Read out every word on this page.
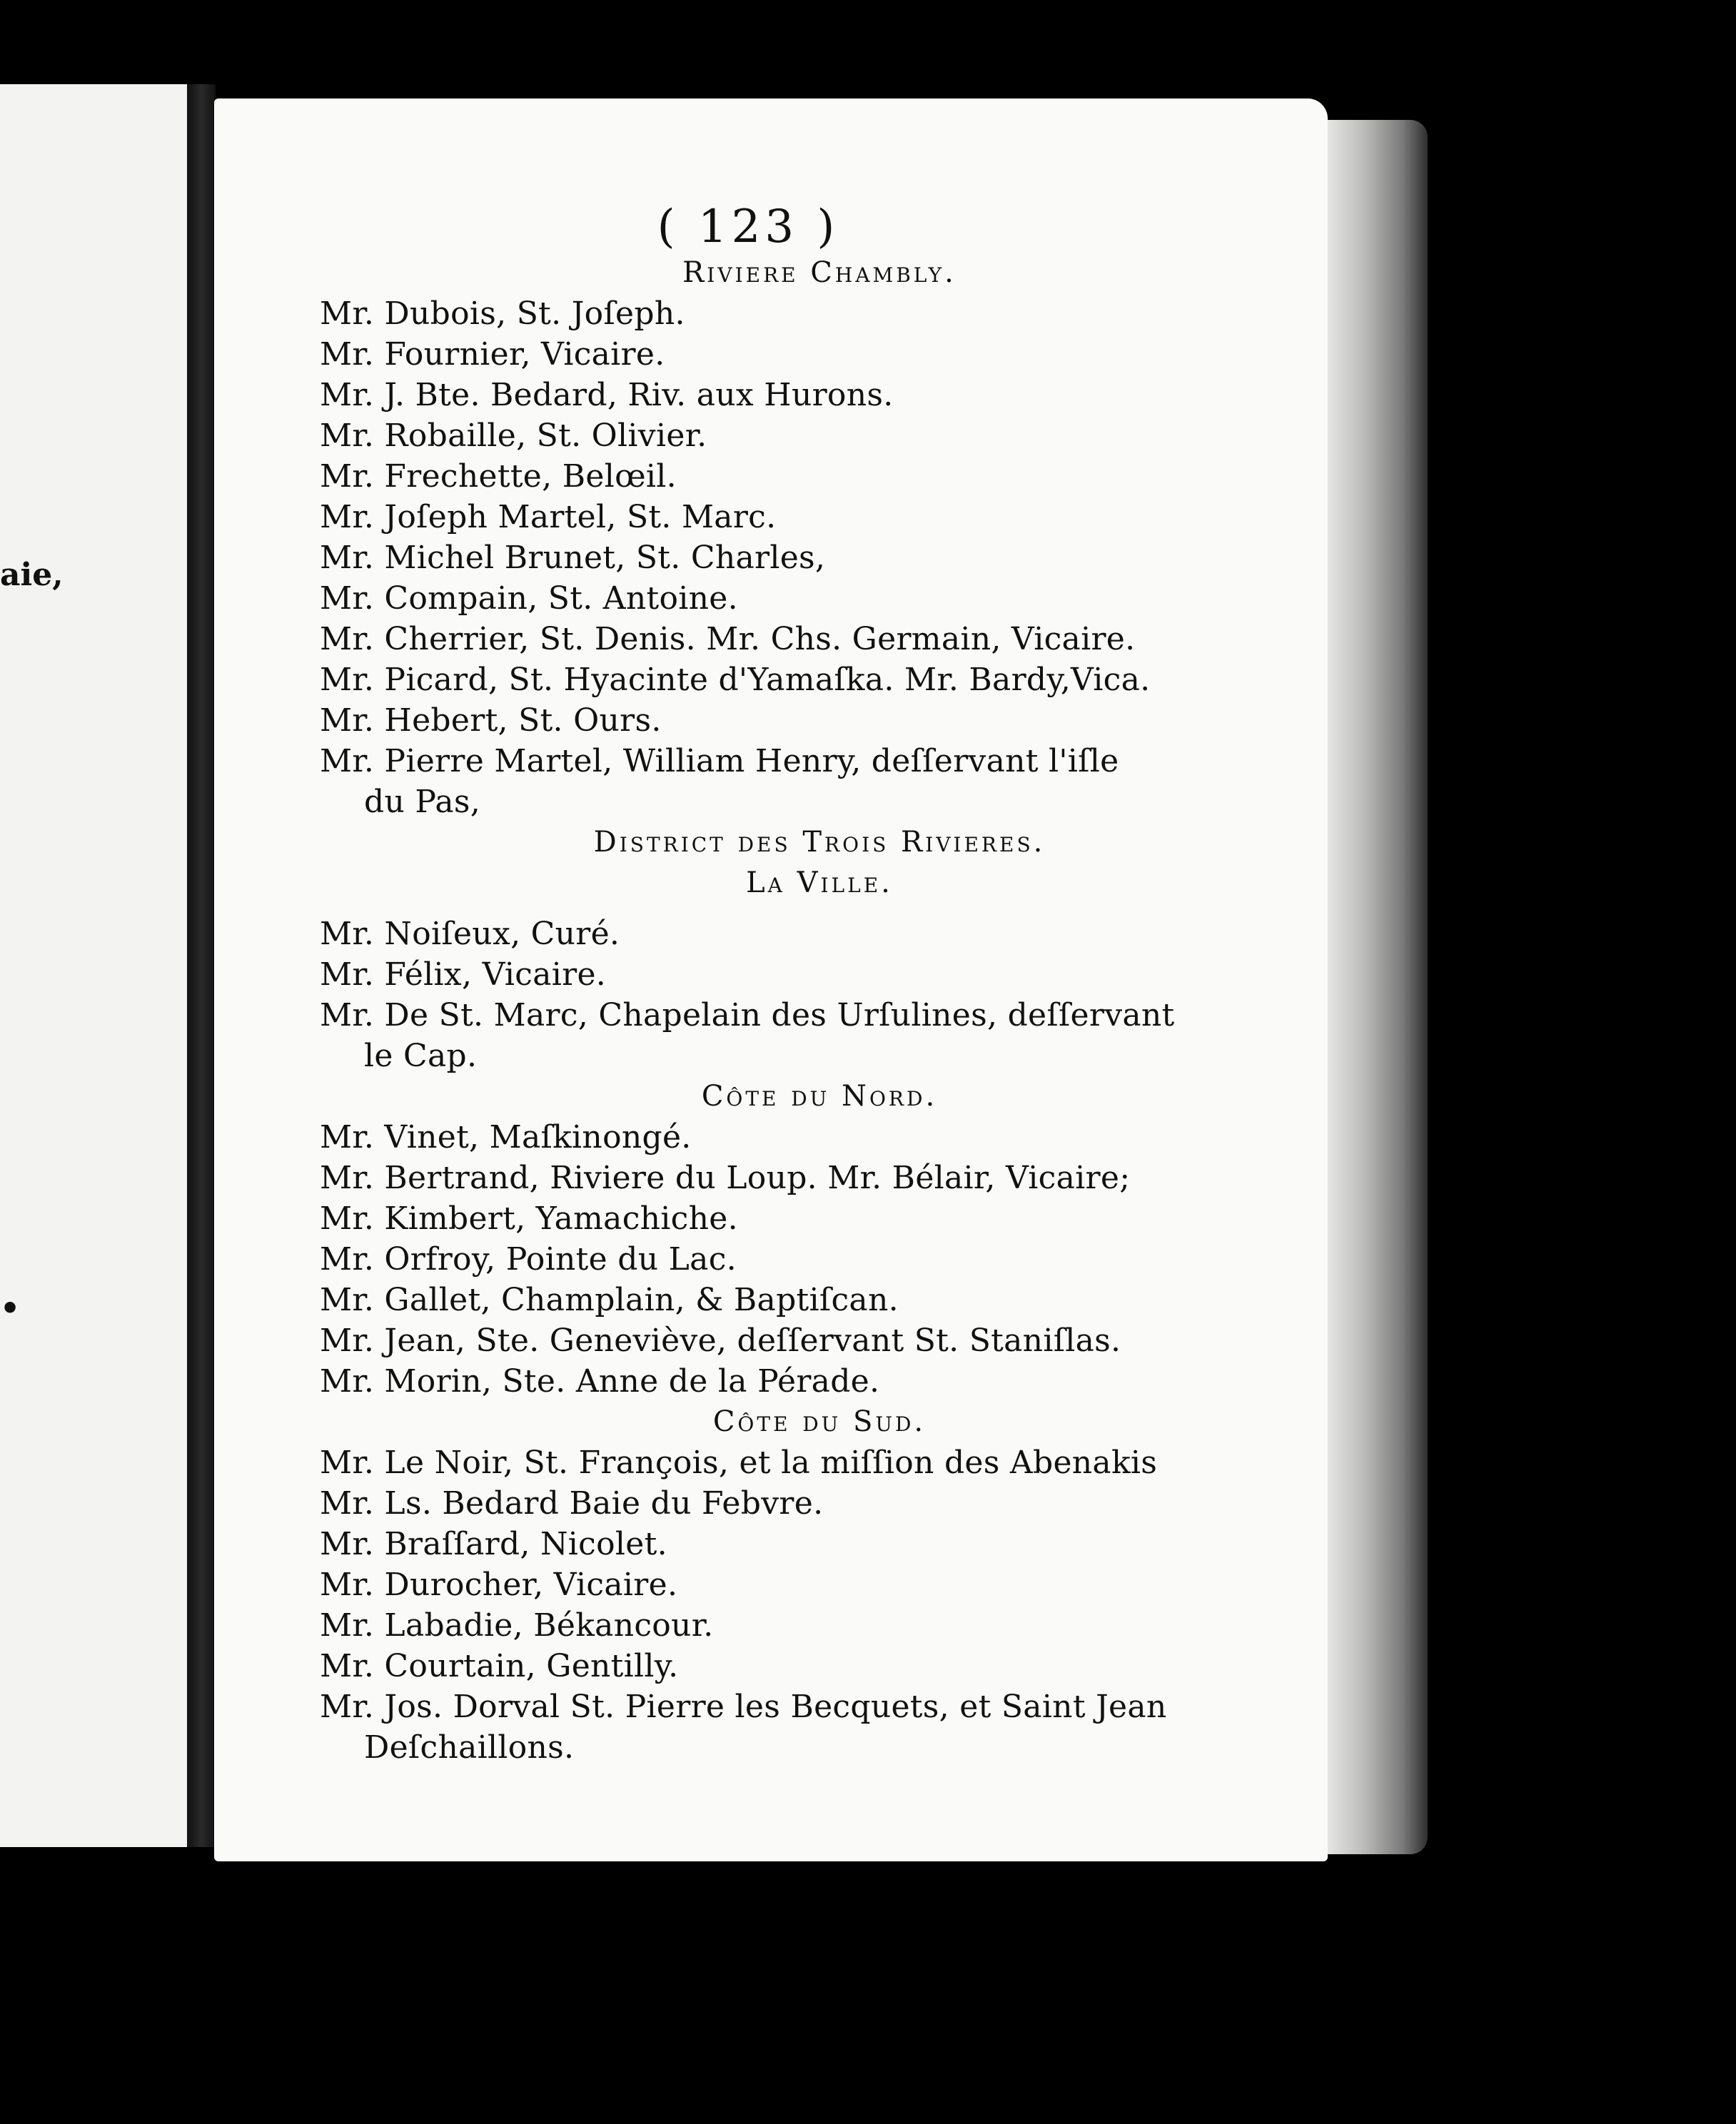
aie,
•
( 123 )
Riviere Chambly.
Mr. Dubois, St. Joſeph.
Mr. Fournier, Vicaire.
Mr. J. Bte. Bedard, Riv. aux Hurons.
Mr. Robaille, St. Olivier.
Mr. Frechette, Belœil.
Mr. Joſeph Martel, St. Marc.
Mr. Michel Brunet, St. Charles,
Mr. Compain, St. Antoine.
Mr. Cherrier, St. Denis. Mr. Chs. Germain, Vicaire.
Mr. Picard, St. Hyacinte d'Yamaſka. Mr. Bardy,Vica.
Mr. Hebert, St. Ours.
Mr. Pierre Martel, William Henry, deſſervant l'iſle
du Pas,
District des Trois Rivieres.
La Ville.
Mr. Noiſeux, Curé.
Mr. Félix, Vicaire.
Mr. De St. Marc, Chapelain des Urſulines, deſſervant
le Cap.
Côte du Nord.
Mr. Vinet, Maſkinongé.
Mr. Bertrand, Riviere du Loup. Mr. Bélair, Vicaire;
Mr. Kimbert, Yamachiche.
Mr. Orfroy, Pointe du Lac.
Mr. Gallet, Champlain, & Baptiſcan.
Mr. Jean, Ste. Geneviève, deſſervant St. Staniſlas.
Mr. Morin, Ste. Anne de la Pérade.
Côte du Sud.
Mr. Le Noir, St. François, et la miſſion des Abenakis
Mr. Ls. Bedard Baie du Febvre.
Mr. Braſſard, Nicolet.
Mr. Durocher, Vicaire.
Mr. Labadie, Békancour.
Mr. Courtain, Gentilly.
Mr. Jos. Dorval St. Pierre les Becquets, et Saint Jean
Deſchaillons.
